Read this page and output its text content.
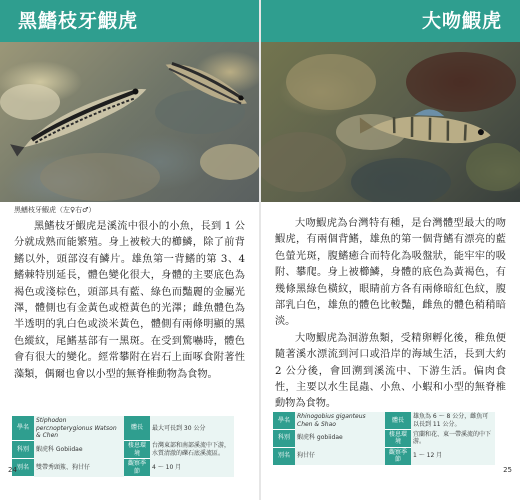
黑鰭枝牙鰕虎
黑鰭枝牙鰕虎（左♀右♂）

黑鰭枝牙鰕虎是溪流中很小的小魚，長到 1 公分就成熟而能繁殖。身上被較大的櫛鱗，除了前背鰭以外，頭部沒有鱗片。雄魚第一背鰭的第 3、4 鰭棘特別延長，體色變化很大，身體的主要底色為褐色或淺棕色，頭部具有藍、綠色而豔麗的金屬光澤，體側也有金黃色或橙黃色的光澤；雌魚體色為半透明的乳白色或淡米黃色，體側有兩條明顯的黑色縱紋，尾鰭基部有一黑斑。在受到驚嚇時，體色會有很大的變化。經常攀附在岩石上面啄食附著性藻類，偶爾也會以小型的無脊椎動物為食物。

學名	Stiphodon percnopterygionus Watson & Chen	體長	最大可長到 30 公分
科別	鰕虎科 Gobiidae	棲息環境	台灣東部和南部溪流中下游，水質清澈的礫石底溪流區。
別名	雙帶秀頭鯊、狗甘仔	觀察季節	4 ～ 10 月
24
大吻鰕虎

大吻鰕虎為台灣特有種，是台灣體型最大的吻鰕虎，有兩個背鰭，雄魚的第一個背鰭有漂亮的藍色螢光斑，腹鰭癒合而特化為吸盤狀，能牢牢的吸附、攀爬。身上被櫛鱗，身體的底色為黃褐色，有幾條黑綠色橫紋，眼睛前方各有兩條暗紅色紋，腹部乳白色，雄魚的體色比較豔，雌魚的體色稍稍暗淡。

大吻鰕虎為洄游魚類，受精卵孵化後，稚魚便隨著溪水漂流到河口或沿岸的海域生活，長到大約 2 公分後，會回溯到溪流中、下游生活。偏肉食性，主要以水生昆蟲、小魚、小蝦和小型的無脊椎動物為食物。

學名	Rhinogobius giganteus Chen & Shao	體長	雄魚為 6 ～ 8 公分，雌魚可以長到 11 公分。
科別	鰕虎科 gobiidae	棲息環境	宜蘭和花、東一帶溪流的中下游。
別名	狗甘仔	觀察季節	1 ～ 12 月
25
